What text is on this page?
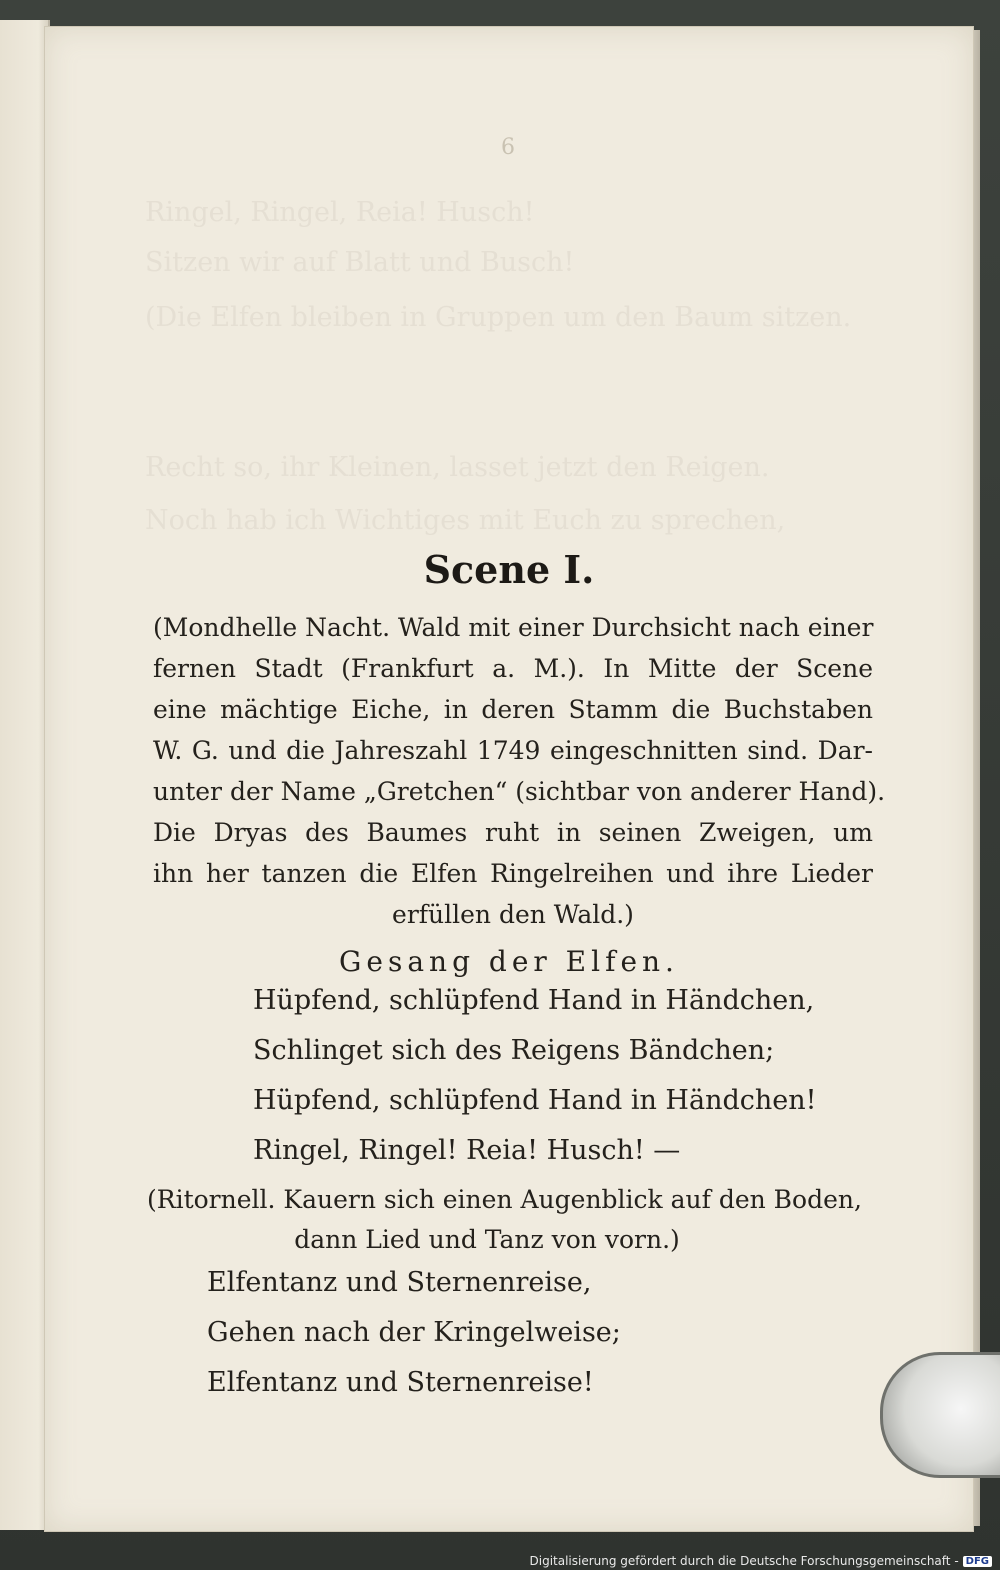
Ringel, Ringel, Reia! Husch!
Sitzen wir auf Blatt und Busch!
(Die Elfen bleiben in Gruppen um den Baum sitzen.
Recht so, ihr Kleinen, lasset jetzt den Reigen.
Noch hab ich Wichtiges mit Euch zu sprechen,
6
Scene I.
(Mondhelle Nacht. Wald mit einer Durchsicht nach einer
fernen Stadt (Frankfurt a. M.). In Mitte der Scene
eine mächtige Eiche, in deren Stamm die Buchstaben
W. G. und die Jahreszahl 1749 eingeschnitten sind. Dar-
unter der Name „Gretchen“ (sichtbar von anderer Hand).
Die Dryas des Baumes ruht in seinen Zweigen, um
ihn her tanzen die Elfen Ringelreihen und ihre Lieder
erfüllen den Wald.)
Gesang der Elfen.
Hüpfend, schlüpfend Hand in Händchen,
Schlinget sich des Reigens Bändchen;
Hüpfend, schlüpfend Hand in Händchen!
Ringel, Ringel! Reia! Husch! —
(Ritornell. Kauern sich einen Augenblick auf den Boden,
dann Lied und Tanz von vorn.)
Elfentanz und Sternenreise,
Gehen nach der Kringelweise;
Elfentanz und Sternenreise!
Digitalisierung gefördert durch die Deutsche Forschungsgemeinschaft - DFG
